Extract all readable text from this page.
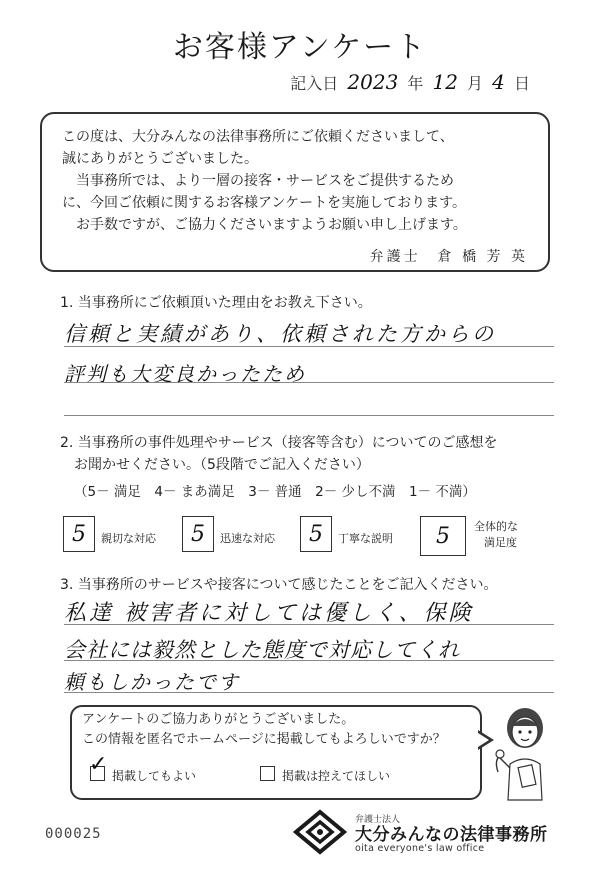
お客様アンケート
記入日 2023 年 12 月 4 日

この度は、大分みんなの法律事務所にご依頼くださいまして、

誠にありがとうございました。

　当事務所では、より一層の接客・サービスをご提供するため

に、今回ご依頼に関するお客様アンケートを実施しております。

　お手数ですが、ご協力くださいますようお願い申し上げます。

弁護士　倉 橋 芳 英
1. 当事務所にご依頼頂いた理由をお教え下さい。
信頼と実績があり、依頼された方からの
評判も大変良かったため
2. 当事務所の事件処理やサービス（接客等含む）についてのご感想を
　お聞かせください。（5段階でご記入ください）
（5－ 満足　4－ まあ満足　3－ 普通　2－ 少し不満　1－ 不満）
5	親切な対応	5	迅速な対応	5	丁寧な説明	5	全体的な
満足度
3. 当事務所のサービスや接客について感じたことをご記入ください。
私達 被害者に対しては優しく、保険
会社には毅然とした態度で対応してくれ
頼もしかったです
アンケートのご協力ありがとうございました。
この情報を匿名でホームページに掲載してもよろしいですか？
✓ 掲載してもよい	掲載は控えてほしい
000025
弁護士法人
大分みんなの法律事務所
oita everyone's law office
